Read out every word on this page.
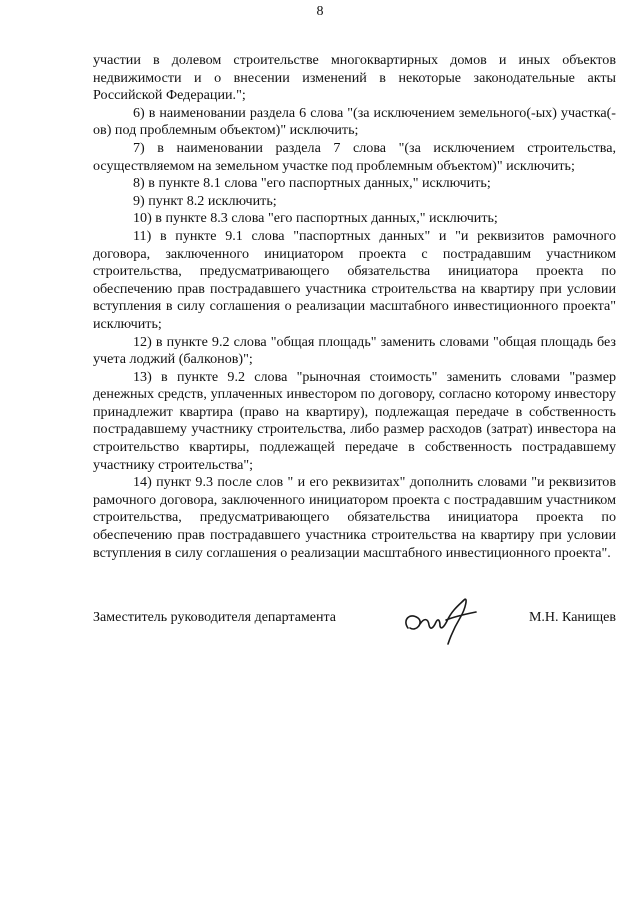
8

участии в долевом строительстве многоквартирных домов и иных объектов недвижимости и о внесении изменений в некоторые законодательные акты Российской Федерации.";

6) в наименовании раздела 6 слова "(за исключением земельного(-ых) участка(-ов) под проблемным объектом)" исключить;

7) в наименовании раздела 7 слова "(за исключением строительства, осуществляемом на земельном участке под проблемным объектом)" исключить;

8) в пункте 8.1 слова "его паспортных данных," исключить;

9) пункт 8.2 исключить;

10) в пункте 8.3 слова "его паспортных данных," исключить;

11) в пункте 9.1 слова "паспортных данных" и "и реквизитов рамочного договора, заключенного инициатором проекта с пострадавшим участником строительства, предусматривающего обязательства инициатора проекта по обеспечению прав пострадавшего участника строительства на квартиру при условии вступления в силу соглашения о реализации масштабного инвестиционного проекта" исключить;

12) в пункте 9.2 слова "общая площадь" заменить словами "общая площадь без учета лоджий (балконов)";

13) в пункте 9.2 слова "рыночная стоимость" заменить словами "размер денежных средств, уплаченных инвестором по договору, согласно которому инвестору принадлежит квартира (право на квартиру), подлежащая передаче в собственность пострадавшему участнику строительства, либо размер расходов (затрат) инвестора на строительство квартиры, подлежащей передаче в собственность пострадавшему участнику строительства";

14) пункт 9.3 после слов " и его реквизитах" дополнить словами "и реквизитов рамочного договора, заключенного инициатором проекта с пострадавшим участником строительства, предусматривающего обязательства инициатора проекта по обеспечению прав пострадавшего участника строительства на квартиру при условии вступления в силу соглашения о реализации масштабного инвестиционного проекта".

Заместитель руководителя департамента	М.Н. Канищев
